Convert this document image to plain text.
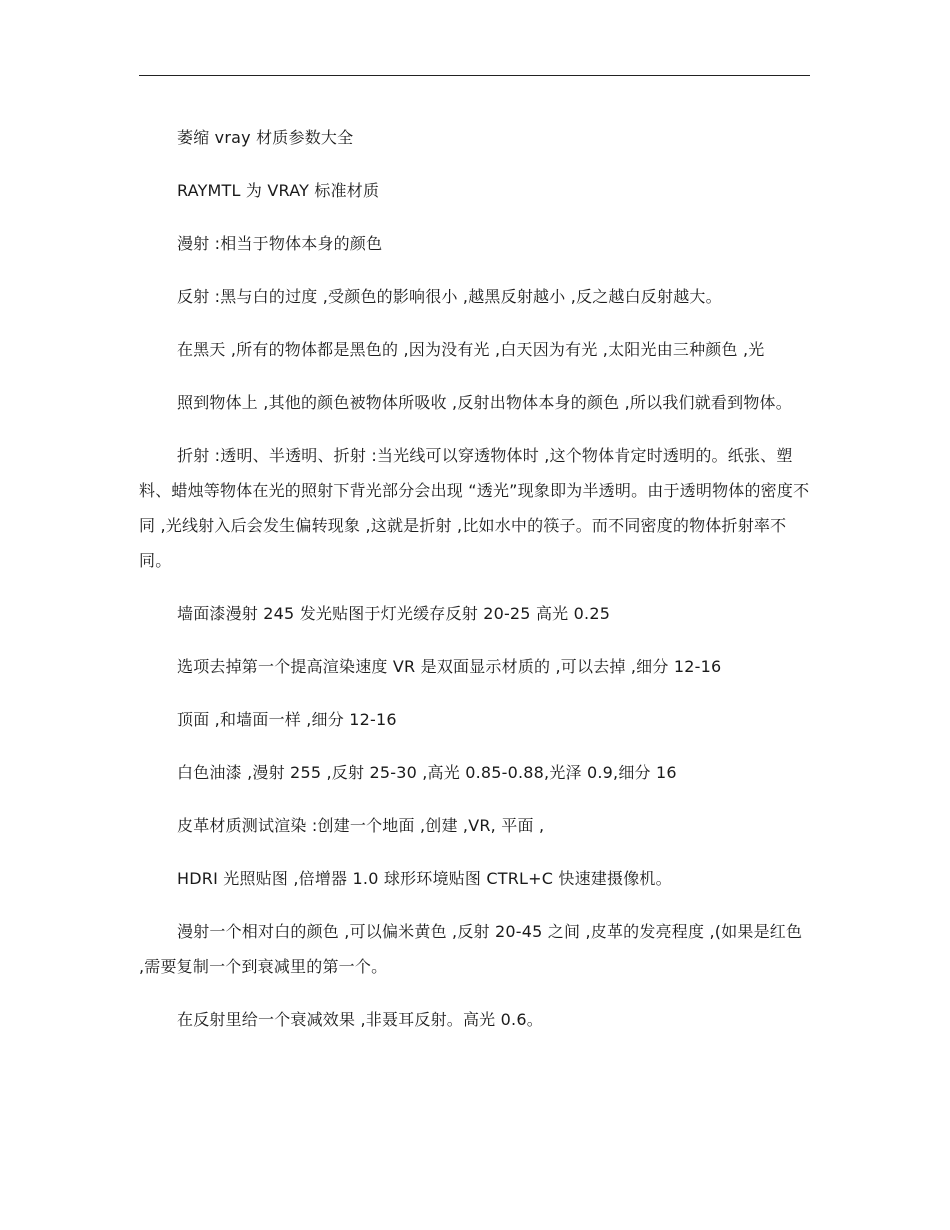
萎缩 vray 材质参数大全

RAYMTL 为 VRAY 标准材质

漫射 :相当于物体本身的颜色

反射 :黑与白的过度 ,受颜色的影响很小 ,越黑反射越小 ,反之越白反射越大。

在黑天 ,所有的物体都是黑色的 ,因为没有光 ,白天因为有光 ,太阳光由三种颜色 ,光

照到物体上 ,其他的颜色被物体所吸收 ,反射出物体本身的颜色 ,所以我们就看到物体。

折射 :透明、半透明、折射 :当光线可以穿透物体时 ,这个物体肯定时透明的。纸张、塑料、蜡烛等物体在光的照射下背光部分会出现 “透光”现象即为半透明。由于透明物体的密度不同 ,光线射入后会发生偏转现象 ,这就是折射 ,比如水中的筷子。而不同密度的物体折射率不同。

墙面漆漫射 245 发光贴图于灯光缓存反射 20-25 高光 0.25

选项去掉第一个提高渲染速度 VR 是双面显示材质的 ,可以去掉 ,细分 12-16

顶面 ,和墙面一样 ,细分 12-16

白色油漆 ,漫射 255 ,反射 25-30 ,高光 0.85-0.88,光泽 0.9,细分 16

皮革材质测试渲染 :创建一个地面 ,创建 ,VR, 平面 ,

HDRI 光照贴图 ,倍增器 1.0 球形环境贴图 CTRL+C 快速建摄像机。

漫射一个相对白的颜色 ,可以偏米黄色 ,反射 20-45 之间 ,皮革的发亮程度 ,(如果是红色 ,需要复制一个到衰减里的第一个。

在反射里给一个衰减效果 ,非聂耳反射。高光 0.6。
